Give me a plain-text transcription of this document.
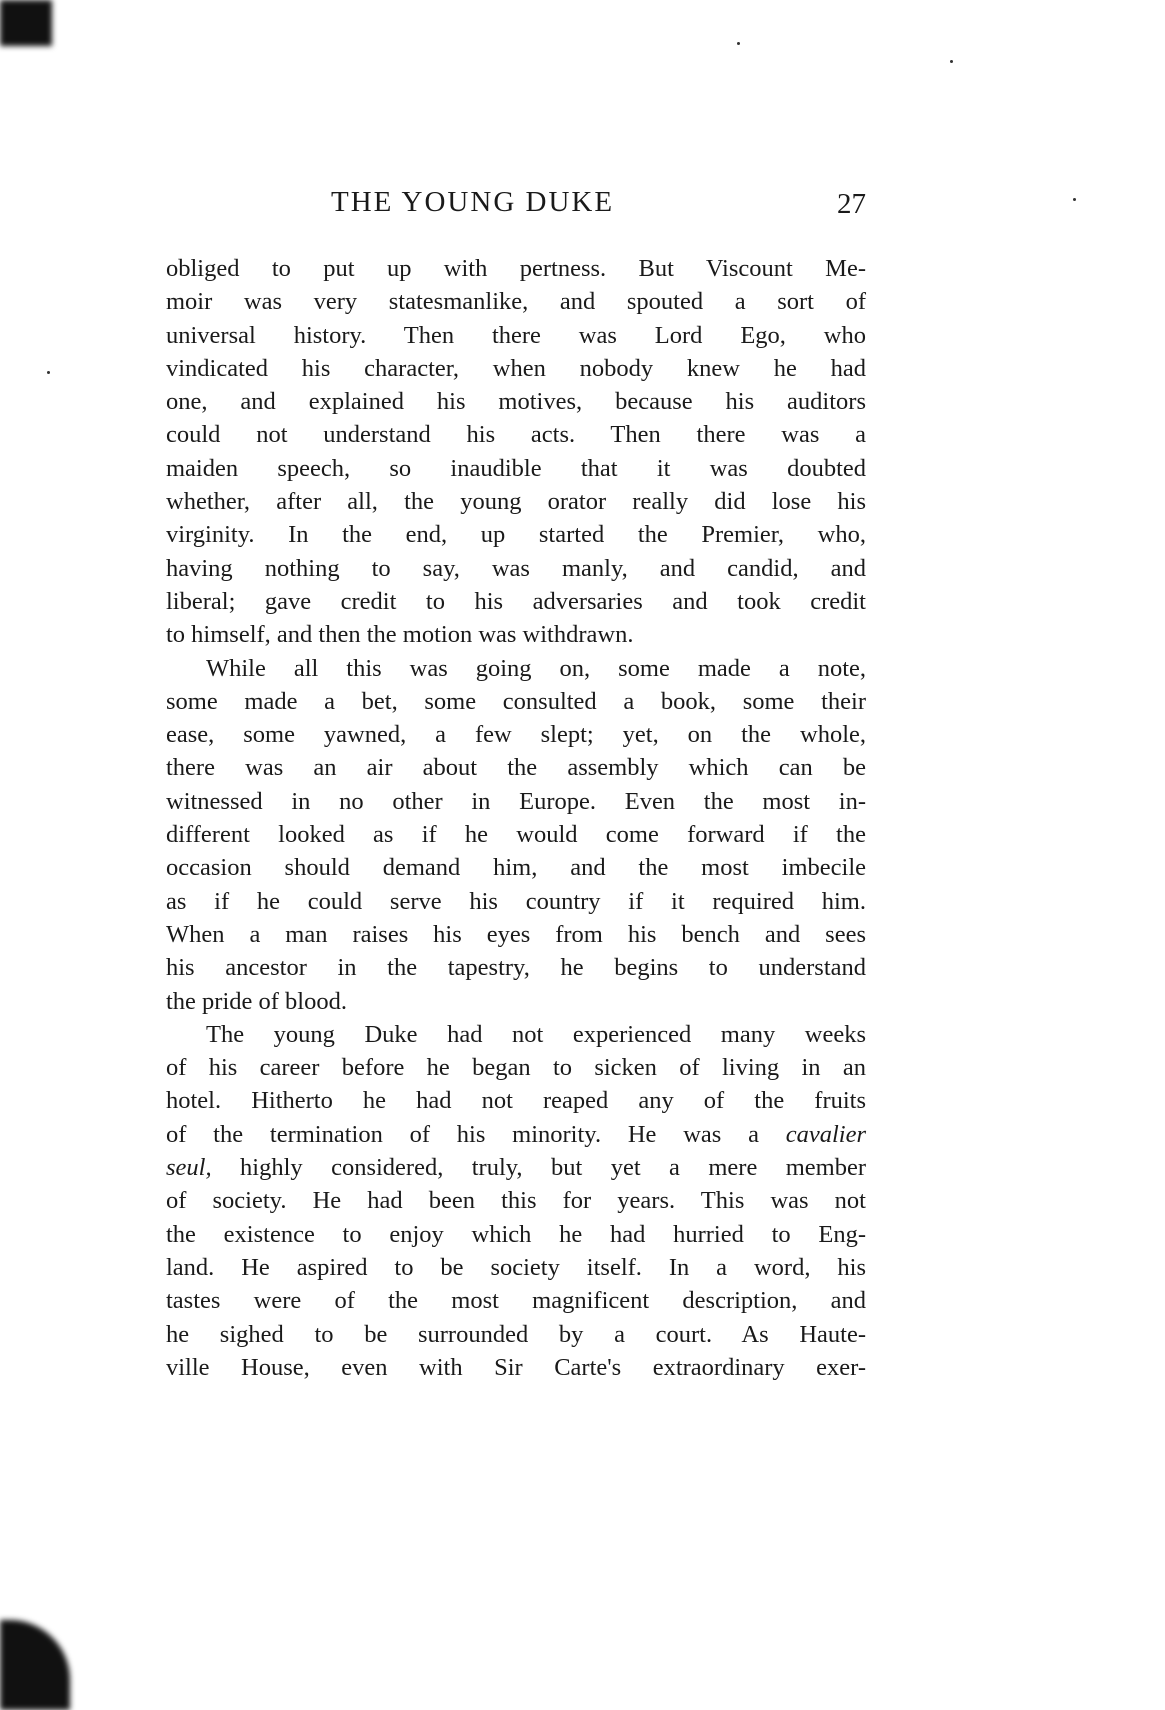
THE YOUNG DUKE	27
obliged to put up with pertness. But Viscount Me-
moir was very statesmanlike, and spouted a sort of
universal history. Then there was Lord Ego, who
vindicated his character, when nobody knew he had
one, and explained his motives, because his auditors
could not understand his acts. Then there was a
maiden speech, so inaudible that it was doubted
whether, after all, the young orator really did lose his
virginity. In the end, up started the Premier, who,
having nothing to say, was manly, and candid, and
liberal; gave credit to his adversaries and took credit
to himself, and then the motion was withdrawn.
While all this was going on, some made a note,
some made a bet, some consulted a book, some their
ease, some yawned, a few slept; yet, on the whole,
there was an air about the assembly which can be
witnessed in no other in Europe. Even the most in-
different looked as if he would come forward if the
occasion should demand him, and the most imbecile
as if he could serve his country if it required him.
When a man raises his eyes from his bench and sees
his ancestor in the tapestry, he begins to understand
the pride of blood.
The young Duke had not experienced many weeks
of his career before he began to sicken of living in an
hotel. Hitherto he had not reaped any of the fruits
of the termination of his minority. He was a cavalier
seul, highly considered, truly, but yet a mere member
of society. He had been this for years. This was not
the existence to enjoy which he had hurried to Eng-
land. He aspired to be society itself. In a word, his
tastes were of the most magnificent description, and
he sighed to be surrounded by a court. As Haute-
ville House, even with Sir Carte's extraordinary exer-
